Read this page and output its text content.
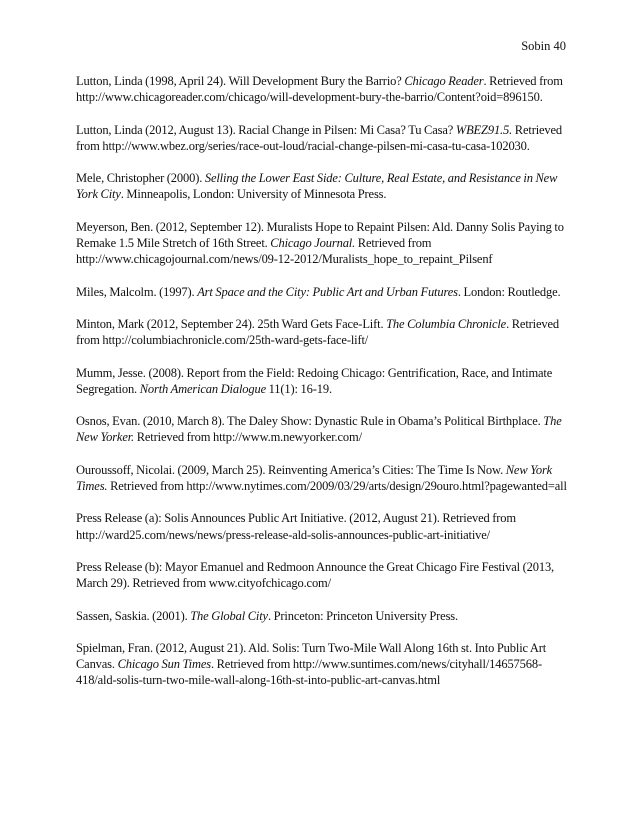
Sobin 40

Lutton, Linda (1998, April 24). Will Development Bury the Barrio? Chicago Reader. Retrieved from http://www.chicagoreader.com/chicago/will-development-bury-the-barrio/Content?oid=896150.

Lutton, Linda (2012, August 13). Racial Change in Pilsen: Mi Casa? Tu Casa? WBEZ91.5. Retrieved from http://www.wbez.org/series/race-out-loud/racial-change-pilsen-mi-casa-tu-casa-102030.

Mele, Christopher (2000). Selling the Lower East Side: Culture, Real Estate, and Resistance in New York City. Minneapolis, London: University of Minnesota Press.

Meyerson, Ben. (2012, September 12). Muralists Hope to Repaint Pilsen: Ald. Danny Solis Paying to Remake 1.5 Mile Stretch of 16th Street. Chicago Journal. Retrieved from http://www.chicagojournal.com/news/09-12-2012/Muralists_hope_to_repaint_Pilsenf

Miles, Malcolm. (1997). Art Space and the City: Public Art and Urban Futures. London: Routledge.

Minton, Mark (2012, September 24). 25th Ward Gets Face-Lift. The Columbia Chronicle. Retrieved from http://columbiachronicle.com/25th-ward-gets-face-lift/

Mumm, Jesse. (2008). Report from the Field: Redoing Chicago: Gentrification, Race, and Intimate Segregation. North American Dialogue 11(1): 16-19.

Osnos, Evan. (2010, March 8). The Daley Show: Dynastic Rule in Obama’s Political Birthplace. The New Yorker. Retrieved from http://www.m.newyorker.com/

Ouroussoff, Nicolai. (2009, March 25). Reinventing America’s Cities: The Time Is Now. New York Times. Retrieved from http://www.nytimes.com/2009/03/29/arts/design/29ouro.html?pagewanted=all

Press Release (a): Solis Announces Public Art Initiative. (2012, August 21). Retrieved from http://ward25.com/news/news/press-release-ald-solis-announces-public-art-initiative/

Press Release (b): Mayor Emanuel and Redmoon Announce the Great Chicago Fire Festival (2013, March 29). Retrieved from www.cityofchicago.com/

Sassen, Saskia. (2001). The Global City. Princeton: Princeton University Press.

Spielman, Fran. (2012, August 21). Ald. Solis: Turn Two-Mile Wall Along 16th st. Into Public Art Canvas. Chicago Sun Times. Retrieved from http://www.suntimes.com/news/cityhall/14657568-418/ald-solis-turn-two-mile-wall-along-16th-st-into-public-art-canvas.html
